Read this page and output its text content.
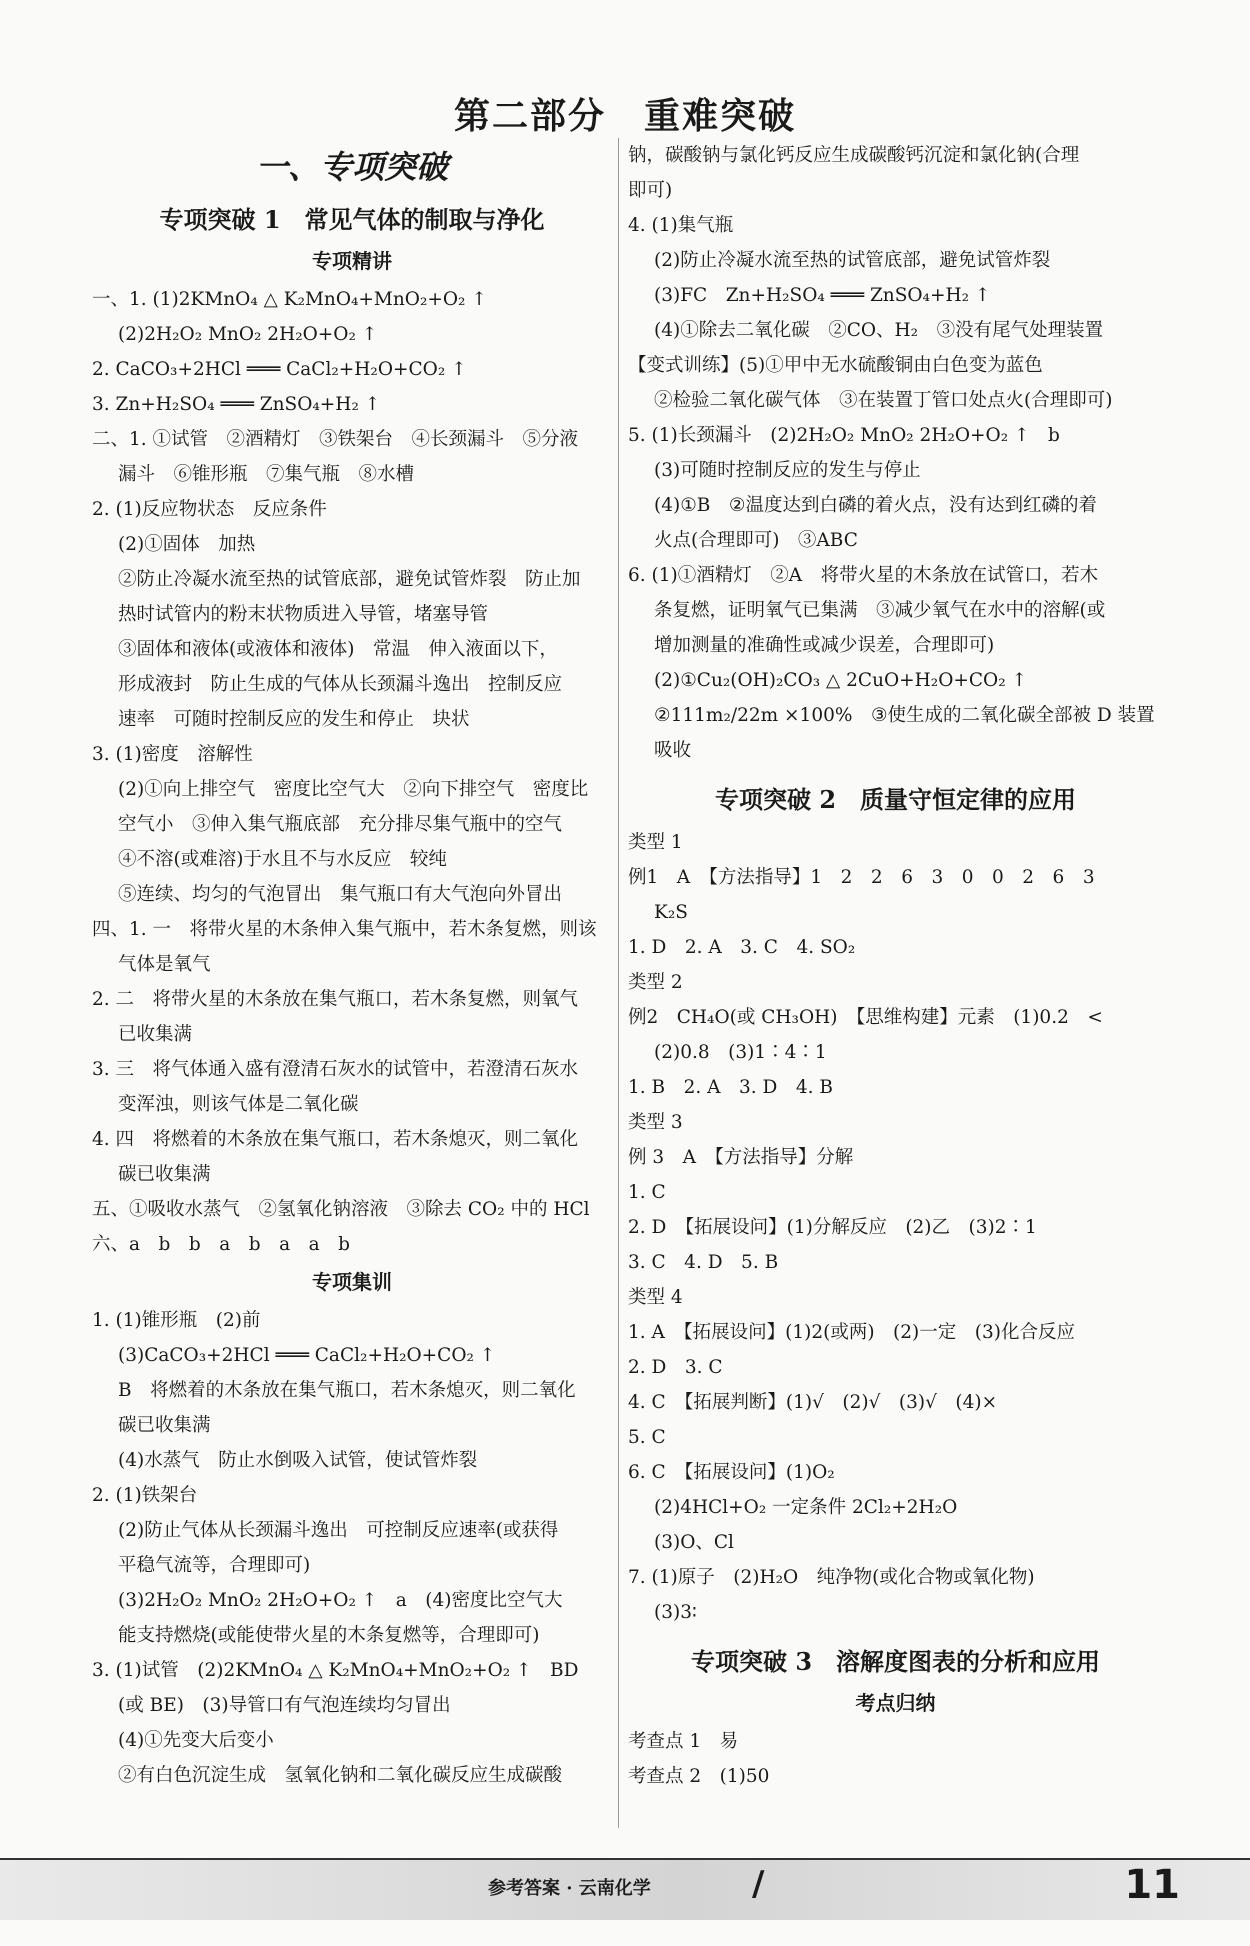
第二部分　重难突破
一、专项突破
专项突破 1　常见气体的制取与净化
专项精讲
一、1. (1)2KMnO₄ △ K₂MnO₄+MnO₂+O₂ ↑
(2)2H₂O₂ MnO₂ 2H₂O+O₂ ↑
2. CaCO₃+2HCl ═══ CaCl₂+H₂O+CO₂ ↑
3. Zn+H₂SO₄ ═══ ZnSO₄+H₂ ↑
二、1. ①试管　②酒精灯　③铁架台　④长颈漏斗　⑤分液
漏斗　⑥锥形瓶　⑦集气瓶　⑧水槽
2. (1)反应物状态　反应条件
(2)①固体　加热
②防止冷凝水流至热的试管底部，避免试管炸裂　防止加
热时试管内的粉末状物质进入导管，堵塞导管
③固体和液体(或液体和液体)　常温　伸入液面以下，
形成液封　防止生成的气体从长颈漏斗逸出　控制反应
速率　可随时控制反应的发生和停止　块状
3. (1)密度　溶解性
(2)①向上排空气　密度比空气大　②向下排空气　密度比
空气小　③伸入集气瓶底部　充分排尽集气瓶中的空气
④不溶(或难溶)于水且不与水反应　较纯
⑤连续、均匀的气泡冒出　集气瓶口有大气泡向外冒出
四、1. 一　将带火星的木条伸入集气瓶中，若木条复燃，则该
气体是氧气
2. 二　将带火星的木条放在集气瓶口，若木条复燃，则氧气
已收集满
3. 三　将气体通入盛有澄清石灰水的试管中，若澄清石灰水
变浑浊，则该气体是二氧化碳
4. 四　将燃着的木条放在集气瓶口，若木条熄灭，则二氧化
碳已收集满
五、①吸收水蒸气　②氢氧化钠溶液　③除去 CO₂ 中的 HCl
六、a　b　b　a　b　a　a　b
专项集训
1. (1)锥形瓶　(2)前
(3)CaCO₃+2HCl ═══ CaCl₂+H₂O+CO₂ ↑
B　将燃着的木条放在集气瓶口，若木条熄灭，则二氧化
碳已收集满
(4)水蒸气　防止水倒吸入试管，使试管炸裂
2. (1)铁架台
(2)防止气体从长颈漏斗逸出　可控制反应速率(或获得
平稳气流等，合理即可)
(3)2H₂O₂ MnO₂ 2H₂O+O₂ ↑　a　(4)密度比空气大
能支持燃烧(或能使带火星的木条复燃等，合理即可)
3. (1)试管　(2)2KMnO₄ △ K₂MnO₄+MnO₂+O₂ ↑　BD
(或 BE)　(3)导管口有气泡连续均匀冒出
(4)①先变大后变小
②有白色沉淀生成　氢氧化钠和二氧化碳反应生成碳酸
钠，碳酸钠与氯化钙反应生成碳酸钙沉淀和氯化钠(合理
即可)
4. (1)集气瓶
(2)防止冷凝水流至热的试管底部，避免试管炸裂
(3)FC　Zn+H₂SO₄ ═══ ZnSO₄+H₂ ↑
(4)①除去二氧化碳　②CO、H₂　③没有尾气处理装置
【变式训练】(5)①甲中无水硫酸铜由白色变为蓝色
②检验二氧化碳气体　③在装置丁管口处点火(合理即可)
5. (1)长颈漏斗　(2)2H₂O₂ MnO₂ 2H₂O+O₂ ↑　b
(3)可随时控制反应的发生与停止
(4)①B　②温度达到白磷的着火点，没有达到红磷的着
火点(合理即可)　③ABC
6. (1)①酒精灯　②A　将带火星的木条放在试管口，若木
条复燃，证明氧气已集满　③减少氧气在水中的溶解(或
增加测量的准确性或减少误差，合理即可)
(2)①Cu₂(OH)₂CO₃ △ 2CuO+H₂O+CO₂ ↑
②111m₂/22m ×100%　③使生成的二氧化碳全部被 D 装置
吸收
专项突破 2　质量守恒定律的应用
类型 1
例1　A　【方法指导】1　2　2　6　3　0　0　2　6　3
K₂S
1. D　2. A　3. C　4. SO₂
类型 2
例2　CH₄O(或 CH₃OH)　【思维构建】元素　(1)0.2　<
(2)0.8　(3)1∶4∶1
1. B　2. A　3. D　4. B
类型 3
例 3　A　【方法指导】分解
1. C
2. D　【拓展设问】(1)分解反应　(2)乙　(3)2∶1
3. C　4. D　5. B
类型 4
1. A　【拓展设问】(1)2(或两)　(2)一定　(3)化合反应
2. D　3. C
4. C　【拓展判断】(1)√　(2)√　(3)√　(4)×
5. C
6. C　【拓展设问】(1)O₂
(2)4HCl+O₂ 一定条件 2Cl₂+2H₂O
(3)O、Cl
7. (1)原子　(2)H₂O　纯净物(或化合物或氧化物)
(3)3∶
专项突破 3　溶解度图表的分析和应用
考点归纳
考查点 1　易
考查点 2　(1)50
参考答案 · 云南化学	/	11
